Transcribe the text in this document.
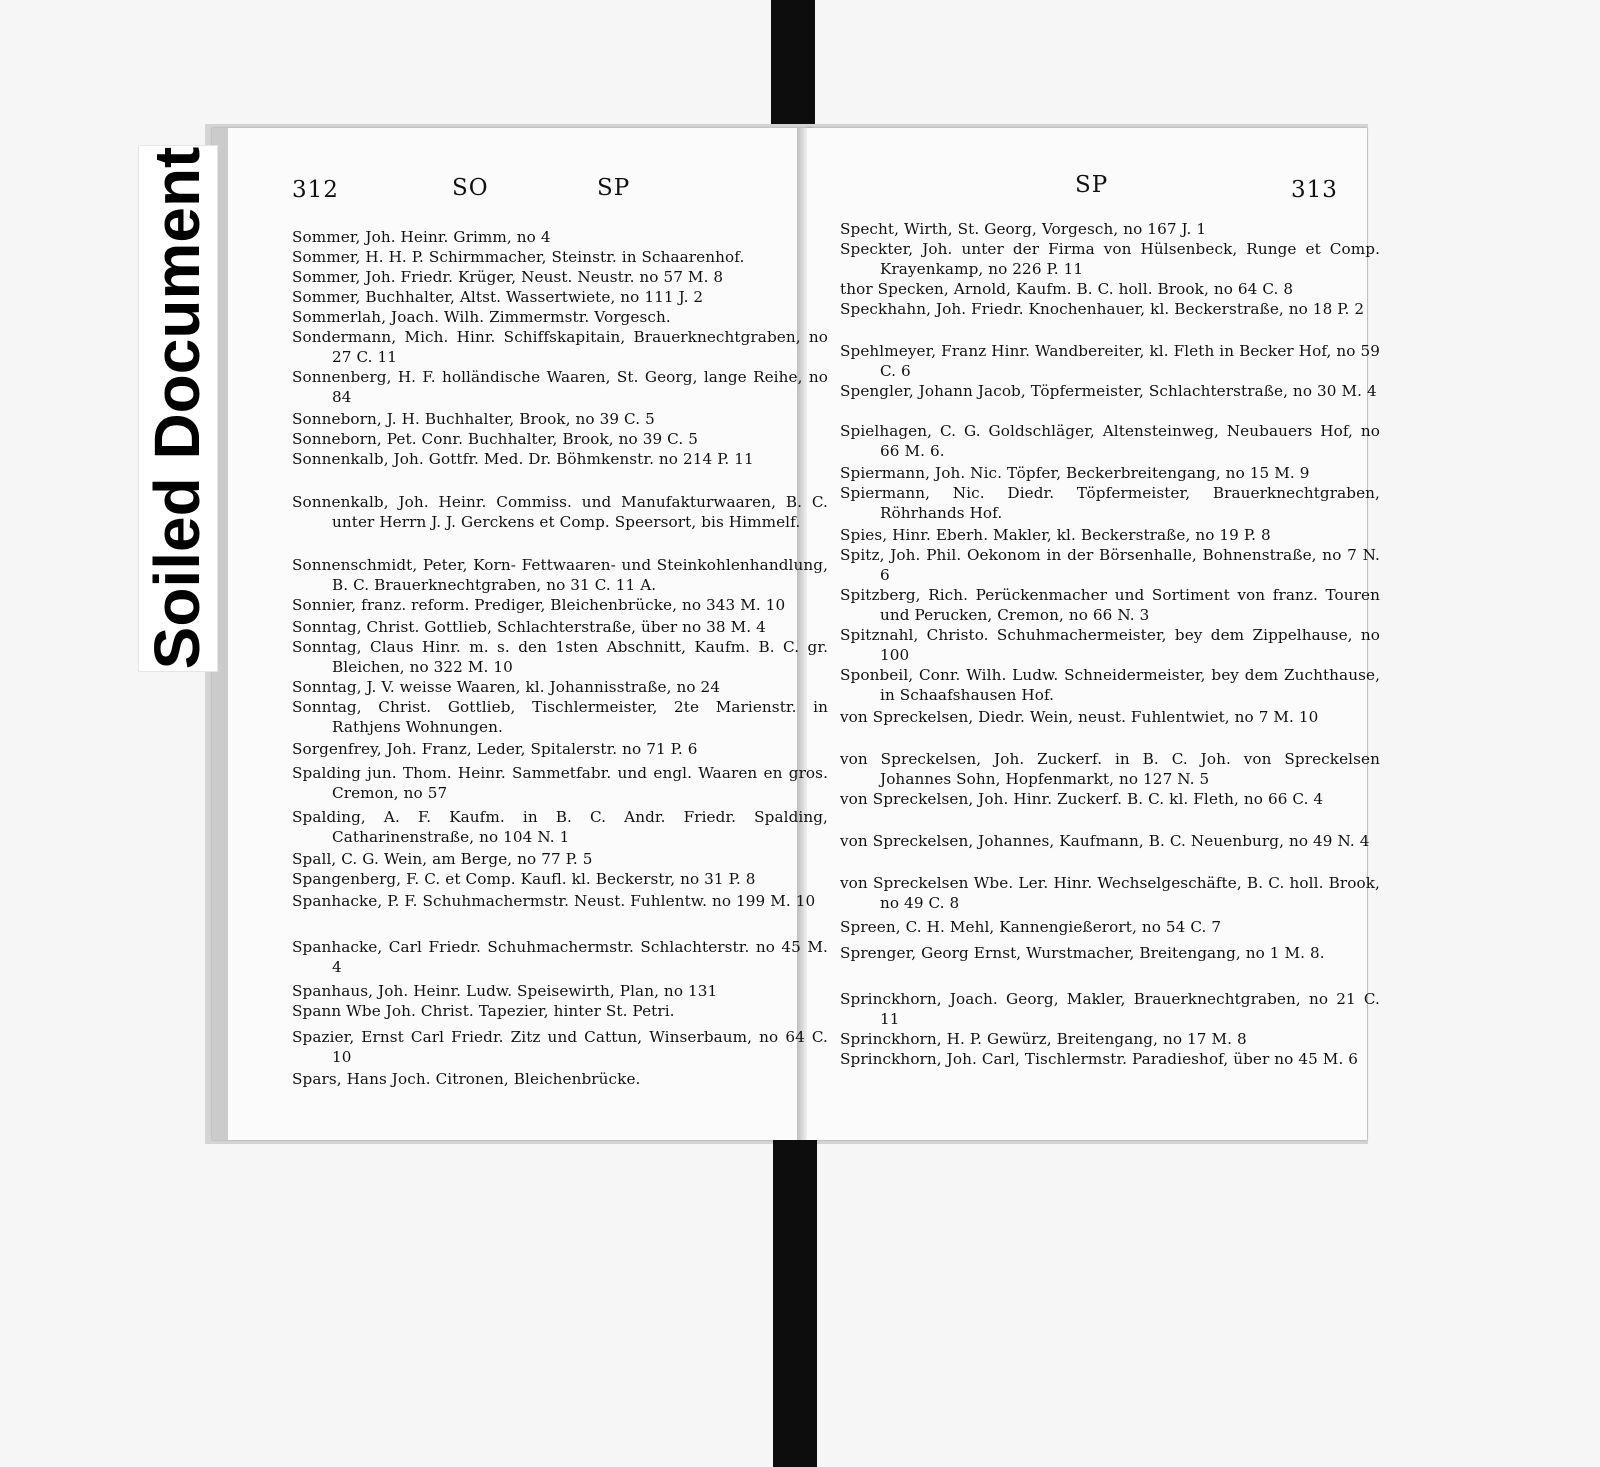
Soiled Document	312	SO	SP	SP	313
Sommer, Joh. Heinr. Grimm, no 4
Sommer, H. H. P. Schirmmacher, Steinstr. in Schaarenhof.
Sommer, Joh. Friedr. Krüger, Neust. Neustr. no 57 M. 8
Sommer, Buchhalter, Altst. Wassertwiete, no 111 J. 2
Sommerlah, Joach. Wilh. Zimmermstr. Vorgesch.
Sondermann, Mich. Hinr. Schiffskapitain, Brauerknechtgraben, no 27 C. 11
Sonnenberg, H. F. holländische Waaren, St. Georg, lange Reihe, no 84
Sonneborn, J. H. Buchhalter, Brook, no 39 C. 5
Sonneborn, Pet. Conr. Buchhalter, Brook, no 39 C. 5
Sonnenkalb, Joh. Gottfr. Med. Dr. Böhmkenstr. no 214 P. 11
Sonnenkalb, Joh. Heinr. Commiss. und Manufakturwaaren, B. C. unter Herrn J. J. Gerckens et Comp. Speersort, bis Himmelf.
Sonnenschmidt, Peter, Korn- Fettwaaren- und Steinkohlenhandlung, B. C. Brauerknechtgraben, no 31 C. 11 A.
Sonnier, franz. reform. Prediger, Bleichenbrücke, no 343 M. 10
Sonntag, Christ. Gottlieb, Schlachterstraße, über no 38 M. 4
Sonntag, Claus Hinr. m. s. den 1sten Abschnitt, Kaufm. B. C. gr. Bleichen, no 322 M. 10
Sonntag, J. V. weisse Waaren, kl. Johannisstraße, no 24
Sonntag, Christ. Gottlieb, Tischlermeister, 2te Marienstr. in Rathjens Wohnungen.
Sorgenfrey, Joh. Franz, Leder, Spitalerstr. no 71 P. 6
Spalding jun. Thom. Heinr. Sammetfabr. und engl. Waaren en gros. Cremon, no 57
Spalding, A. F. Kaufm. in B. C. Andr. Friedr. Spalding, Catharinenstraße, no 104 N. 1
Spall, C. G. Wein, am Berge, no 77 P. 5
Spangenberg, F. C. et Comp. Kaufl. kl. Beckerstr, no 31 P. 8
Spanhacke, P. F. Schuhmachermstr. Neust. Fuhlentw. no 199 M. 10
Spanhacke, Carl Friedr. Schuhmachermstr. Schlachterstr. no 45 M. 4
Spanhaus, Joh. Heinr. Ludw. Speisewirth, Plan, no 131
Spann Wbe Joh. Christ. Tapezier, hinter St. Petri.
Spazier, Ernst Carl Friedr. Zitz und Cattun, Winserbaum, no 64 C. 10
Spars, Hans Joch. Citronen, Bleichenbrücke.
Specht, Wirth, St. Georg, Vorgesch, no 167 J. 1
Speckter, Joh. unter der Firma von Hülsenbeck, Runge et Comp. Krayenkamp, no 226 P. 11
thor Specken, Arnold, Kaufm. B. C. holl. Brook, no 64 C. 8
Speckhahn, Joh. Friedr. Knochenhauer, kl. Beckerstraße, no 18 P. 2
Spehlmeyer, Franz Hinr. Wandbereiter, kl. Fleth in Becker Hof, no 59 C. 6
Spengler, Johann Jacob, Töpfermeister, Schlachterstraße, no 30 M. 4
Spielhagen, C. G. Goldschläger, Altensteinweg, Neubauers Hof, no 66 M. 6.
Spiermann, Joh. Nic. Töpfer, Beckerbreitengang, no 15 M. 9
Spiermann, Nic. Diedr. Töpfermeister, Brauerknechtgraben, Röhrhands Hof.
Spies, Hinr. Eberh. Makler, kl. Beckerstraße, no 19 P. 8
Spitz, Joh. Phil. Oekonom in der Börsenhalle, Bohnenstraße, no 7 N. 6
Spitzberg, Rich. Perückenmacher und Sortiment von franz. Touren und Perucken, Cremon, no 66 N. 3
Spitznahl, Christo. Schuhmachermeister, bey dem Zippelhause, no 100
Sponbeil, Conr. Wilh. Ludw. Schneidermeister, bey dem Zuchthause, in Schaafshausen Hof.
von Spreckelsen, Diedr. Wein, neust. Fuhlentwiet, no 7 M. 10
von Spreckelsen, Joh. Zuckerf. in B. C. Joh. von Spreckelsen Johannes Sohn, Hopfenmarkt, no 127 N. 5
von Spreckelsen, Joh. Hinr. Zuckerf. B. C. kl. Fleth, no 66 C. 4
von Spreckelsen, Johannes, Kaufmann, B. C. Neuenburg, no 49 N. 4
von Spreckelsen Wbe. Ler. Hinr. Wechselgeschäfte, B. C. holl. Brook, no 49 C. 8
Spreen, C. H. Mehl, Kannengießerort, no 54 C. 7
Sprenger, Georg Ernst, Wurstmacher, Breitengang, no 1 M. 8.
Sprinckhorn, Joach. Georg, Makler, Brauerknechtgraben, no 21 C. 11
Sprinckhorn, H. P. Gewürz, Breitengang, no 17 M. 8
Sprinckhorn, Joh. Carl, Tischlermstr. Paradieshof, über no 45 M. 6
